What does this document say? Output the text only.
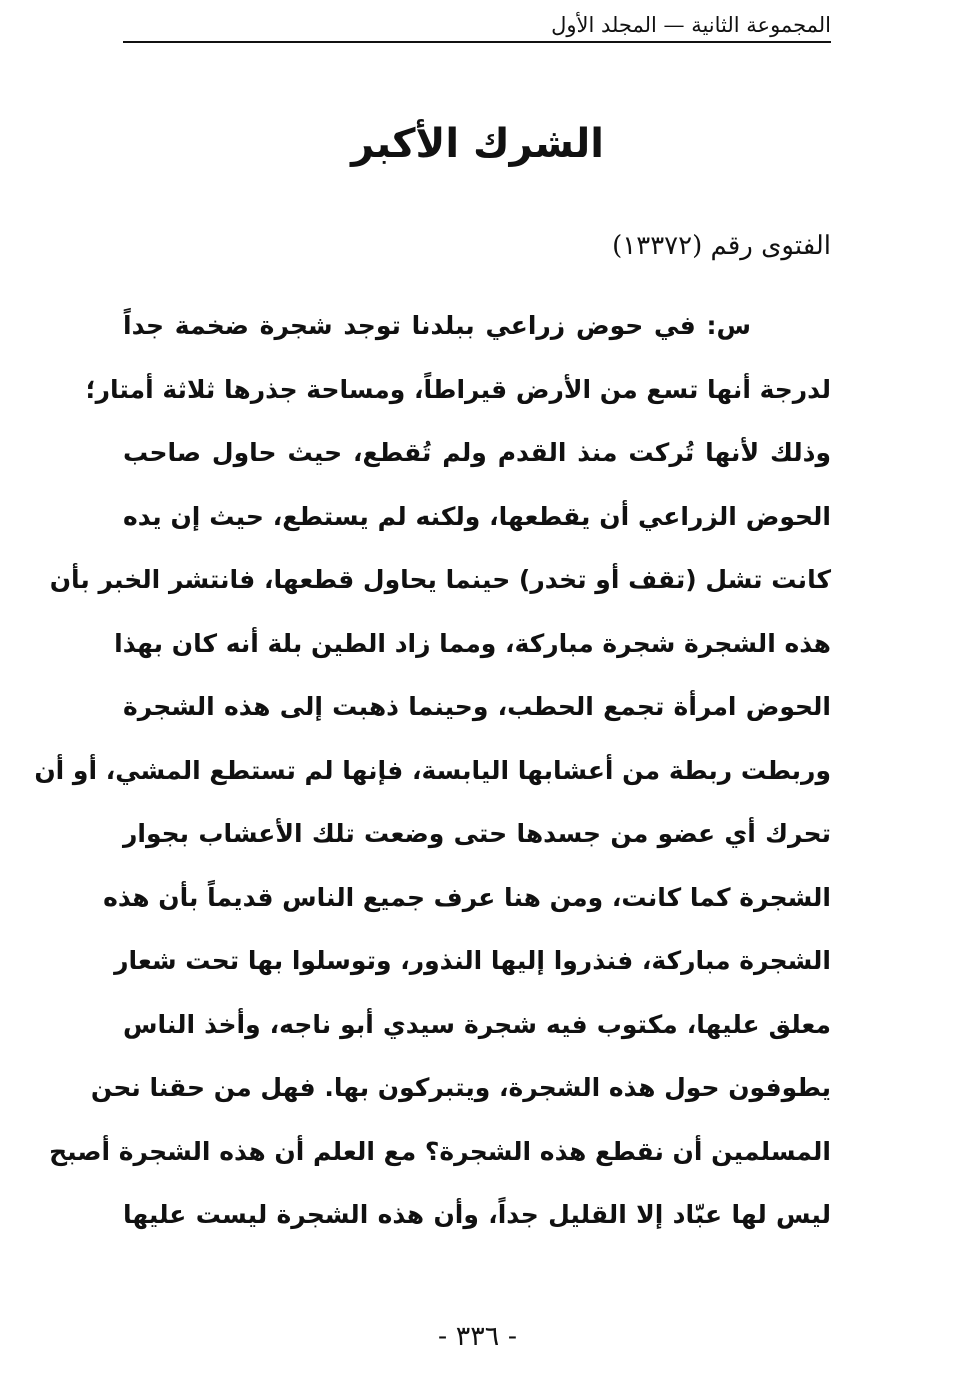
المجموعة الثانية — المجلد الأول
الشرك الأكبر

الفتوى رقم (١٣٣٧٢)

س: في حوض زراعي ببلدنا توجد شجرة ضخمة جداً
لدرجة أنها تسع من الأرض قيراطاً، ومساحة جذرها ثلاثة أمتار؛
وذلك لأنها تُركت منذ القدم ولم تُقطع، حيث حاول صاحب
الحوض الزراعي أن يقطعها، ولكنه لم يستطع، حيث إن يده
كانت تشل (تقف أو تخدر) حينما يحاول قطعها، فانتشر الخبر بأن
هذه الشجرة شجرة مباركة، ومما زاد الطين بلة أنه كان بهذا
الحوض امرأة تجمع الحطب، وحينما ذهبت إلى هذه الشجرة
وربطت ربطة من أعشابها اليابسة، فإنها لم تستطع المشي، أو أن
تحرك أي عضو من جسدها حتى وضعت تلك الأعشاب بجوار
الشجرة كما كانت، ومن هنا عرف جميع الناس قديماً بأن هذه
الشجرة مباركة، فنذروا إليها النذور، وتوسلوا بها تحت شعار
معلق عليها، مكتوب فيه شجرة سيدي أبو ناجه، وأخذ الناس
يطوفون حول هذه الشجرة، ويتبركون بها. فهل من حقنا نحن
المسلمين أن نقطع هذه الشجرة؟ مع العلم أن هذه الشجرة أصبح
ليس لها عبّاد إلا القليل جداً، وأن هذه الشجرة ليست عليها
- ٣٣٦ -
